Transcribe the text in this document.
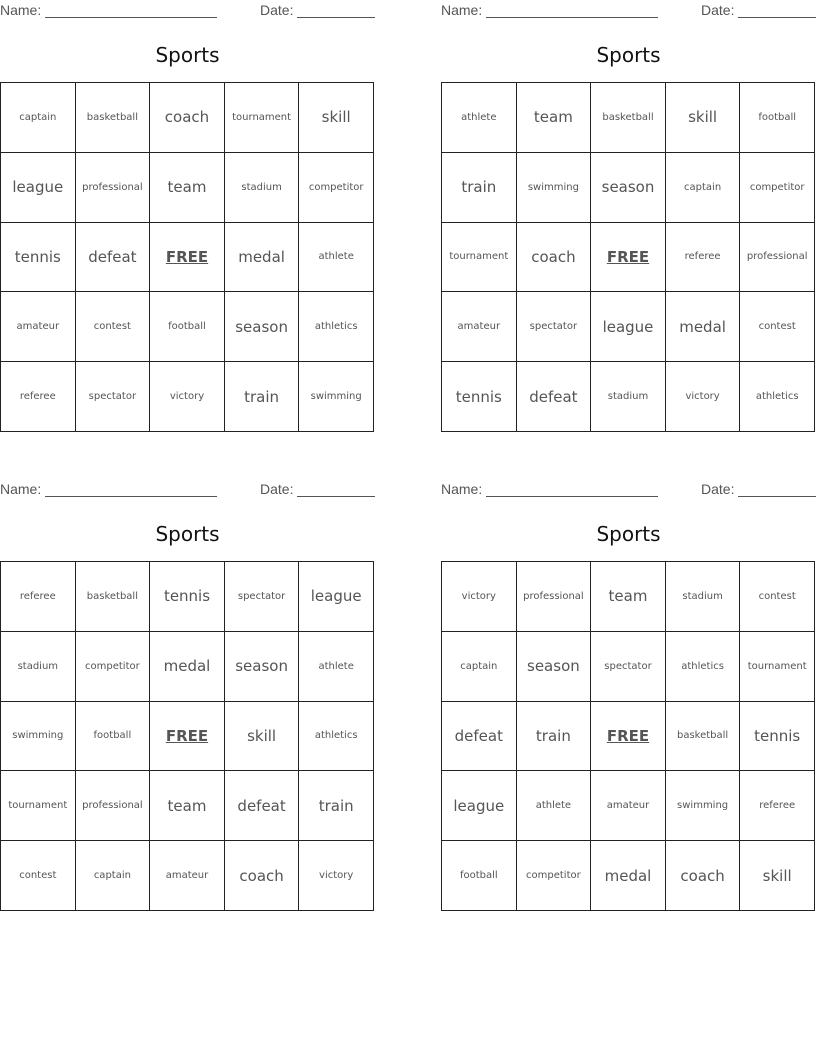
Name:	Date:
Sports
captain	basketball	coach	tournament	skill
league	professional	team	stadium	competitor
tennis	defeat	FREE	medal	athlete
amateur	contest	football	season	athletics
referee	spectator	victory	train	swimming
Name:	Date:
Sports
athlete	team	basketball	skill	football
train	swimming	season	captain	competitor
tournament	coach	FREE	referee	professional
amateur	spectator	league	medal	contest
tennis	defeat	stadium	victory	athletics
Name:	Date:
Sports
referee	basketball	tennis	spectator	league
stadium	competitor	medal	season	athlete
swimming	football	FREE	skill	athletics
tournament	professional	team	defeat	train
contest	captain	amateur	coach	victory
Name:	Date:
Sports
victory	professional	team	stadium	contest
captain	season	spectator	athletics	tournament
defeat	train	FREE	basketball	tennis
league	athlete	amateur	swimming	referee
football	competitor	medal	coach	skill
